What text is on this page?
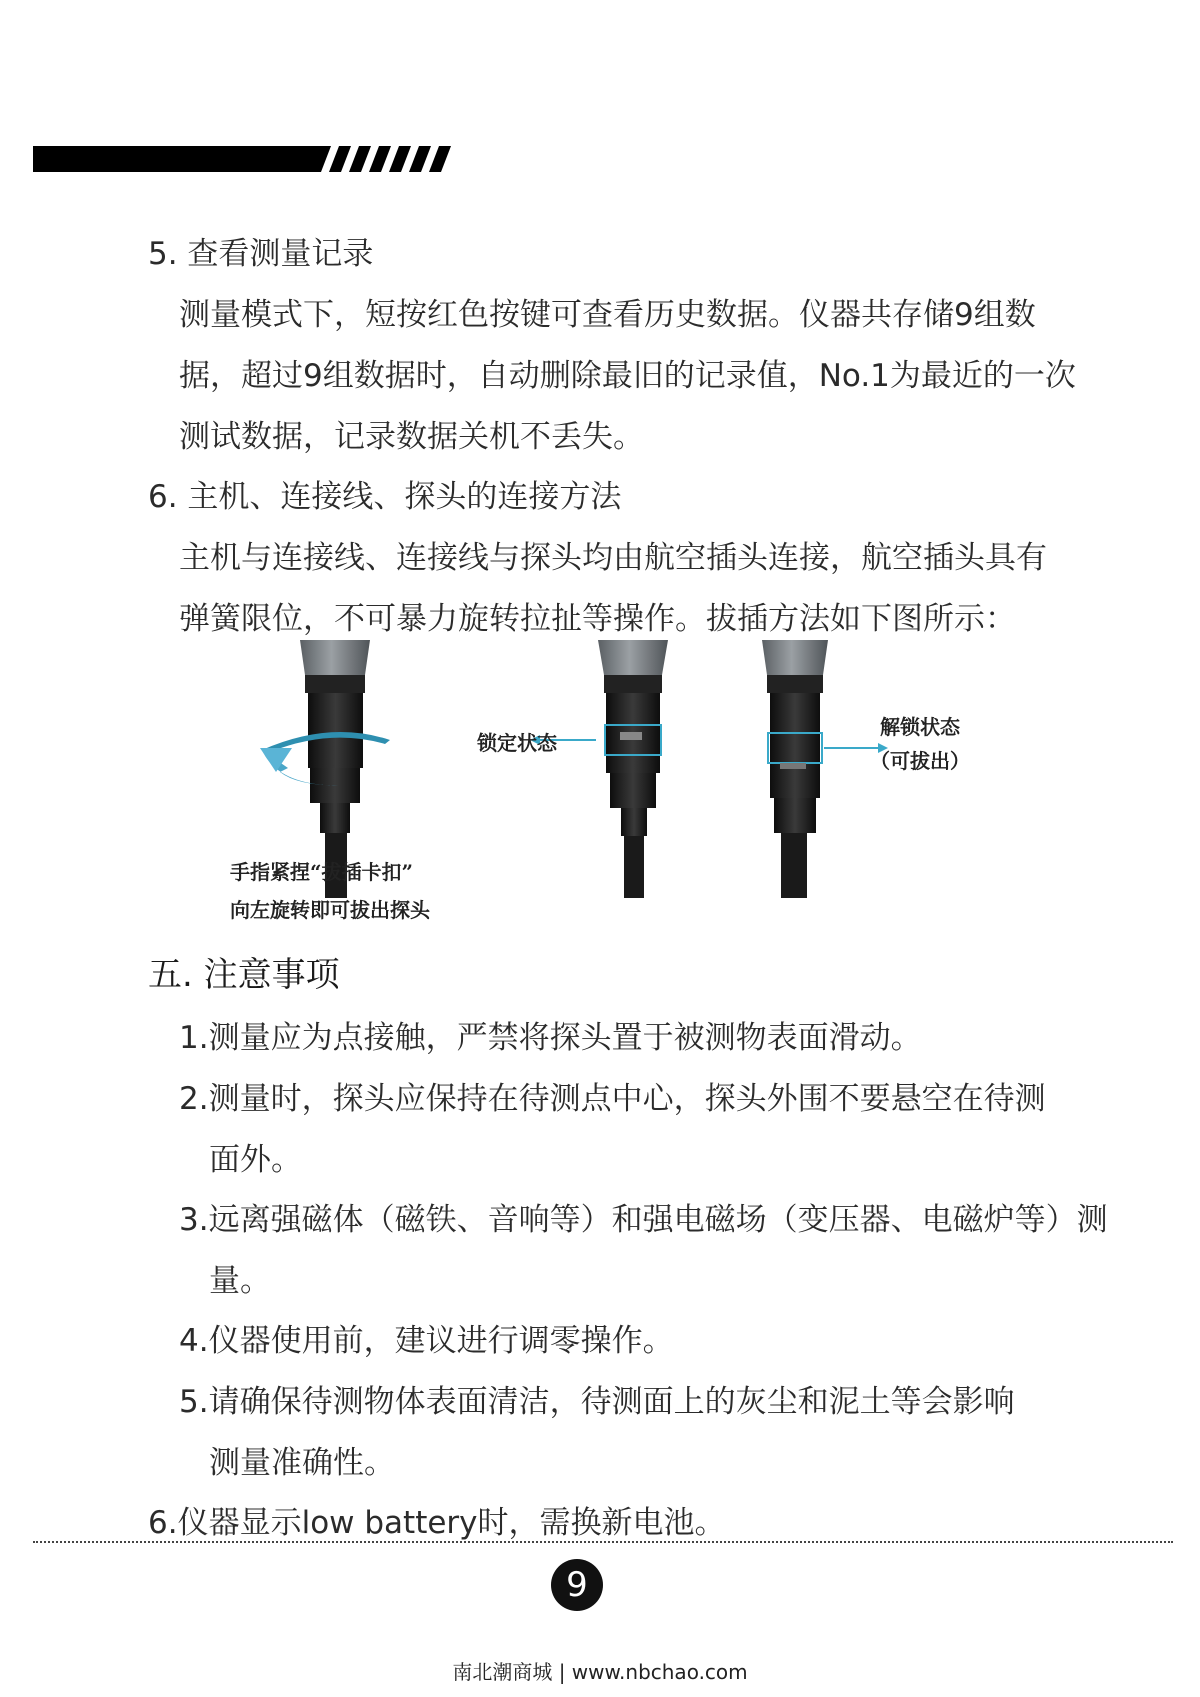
5. 查看测量记录
测量模式下，短按红色按键可查看历史数据。仪器共存储9组数
据，超过9组数据时，自动删除最旧的记录值，No.1为最近的一次
测试数据，记录数据关机不丢失。
6. 主机、连接线、探头的连接方法
主机与连接线、连接线与探头均由航空插头连接，航空插头具有
弹簧限位，不可暴力旋转拉扯等操作。拔插方法如下图所示：
锁定状态
解锁状态
（可拔出）
手指紧捏“拔插卡扣”
向左旋转即可拔出探头
五. 注意事项
1.测量应为点接触，严禁将探头置于被测物表面滑动。
2.测量时，探头应保持在待测点中心，探头外围不要悬空在待测
面外。
3.远离强磁体（磁铁、音响等）和强电磁场（变压器、电磁炉等）测
量。
4.仪器使用前，建议进行调零操作。
5.请确保待测物体表面清洁，待测面上的灰尘和泥土等会影响
测量准确性。
6.仪器显示low battery时，需换新电池。
9
南北潮商城 | www.nbchao.com
